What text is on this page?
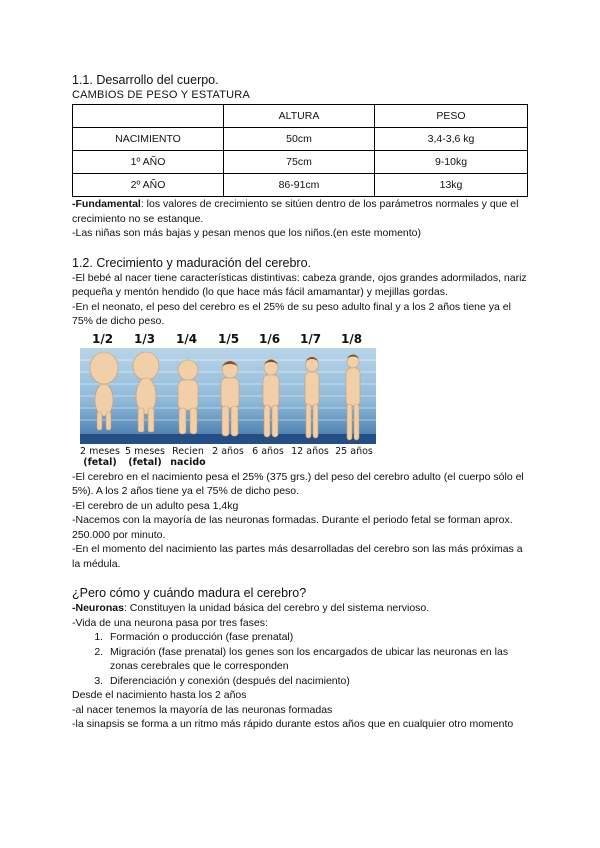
1.1. Desarrollo del cuerpo.

CAMBIOS DE PESO Y ESTATURA

	ALTURA	PESO
NACIMIENTO	50cm	3,4-3,6 kg
1º AÑO	75cm	9-10kg
2º AÑO	86-91cm	13kg

-Fundamental: los valores de crecimiento se sitúen dentro de los parámetros normales y que el crecimiento no se estanque.

-Las niñas son más bajas y pesan menos que los niños.(en este momento)

1.2. Crecimiento y maduración del cerebro.

-El bebé al nacer tiene características distintivas: cabeza grande, ojos grandes adormilados, nariz pequeña y mentón hendido (lo que hace más fácil amamantar) y mejillas gordas.

-En el neonato, el peso del cerebro es el 25% de su peso adulto final y a los 2 años tiene ya el 75% de dicho peso.

1/2 1/3 1/4 1/5 1/6 1/7 1/8
2 meses
(fetal)
5 meses
(fetal)
Recien
nacido
2 años 6 años 12 años 25 años

-El cerebro en el nacimiento pesa el 25% (375 grs.) del peso del cerebro adulto (el cuerpo sólo el 5%). A los 2 años tiene ya el 75% de dicho peso.

-El cerebro de un adulto pesa 1,4kg

-Nacemos con la mayoría de las neuronas formadas. Durante el periodo fetal se forman aprox. 250.000 por minuto.

-En el momento del nacimiento las partes más desarrolladas del cerebro son las más próximas a la médula.

¿Pero cómo y cuándo madura el cerebro?

-Neuronas: Constituyen la unidad básica del cerebro y del sistema nervioso.

-Vida de una neurona pasa por tres fases:

1. Formación o producción (fase prenatal)
2. Migración (fase prenatal) los genes son los encargados de ubicar las neuronas en las zonas cerebrales que le corresponden
3. Diferenciación y conexión (después del nacimiento)

Desde el nacimiento hasta los 2 años

-al nacer tenemos la mayoría de las neuronas formadas

-la sinapsis se forma a un ritmo más rápido durante estos años que en cualquier otro momento
